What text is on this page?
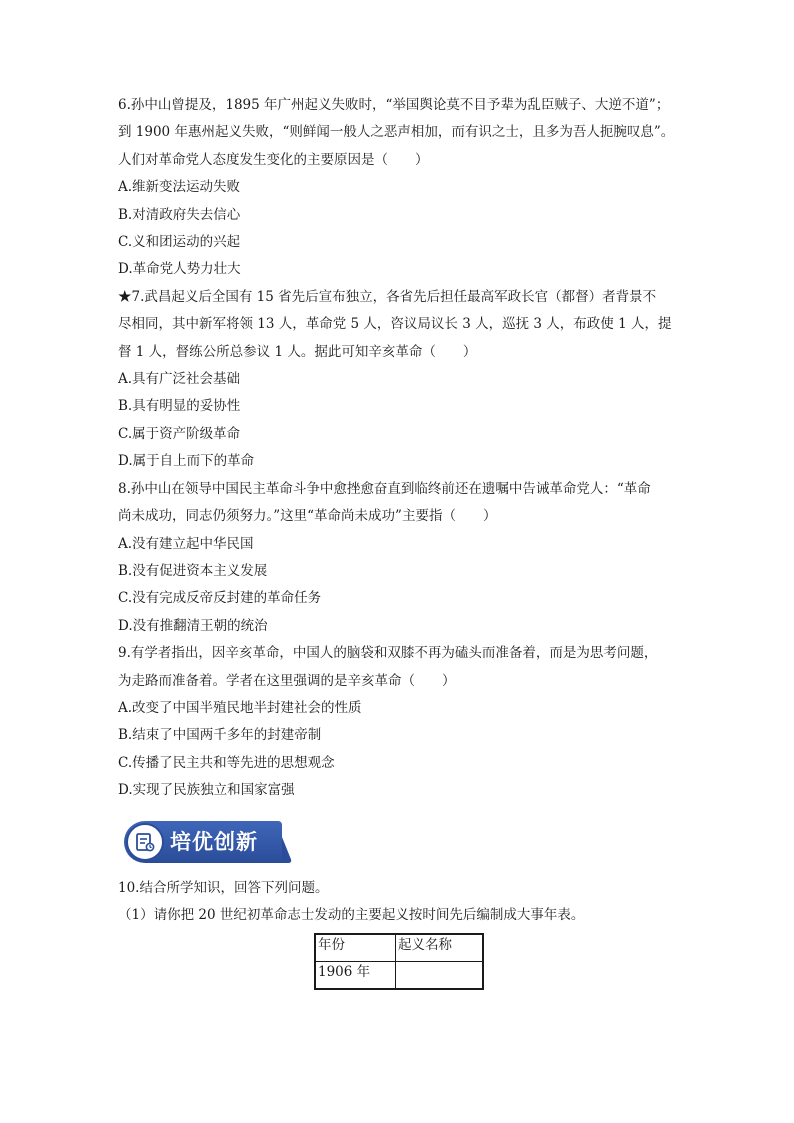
6.孙中山曾提及，1895 年广州起义失败时，“举国舆论莫不目予辈为乱臣贼子、大逆不道”；
到 1900 年惠州起义失败，“则鲜闻一般人之恶声相加，而有识之士，且多为吾人扼腕叹息”。
人们对革命党人态度发生变化的主要原因是（　　）
A.维新变法运动失败
B.对清政府失去信心
C.义和团运动的兴起
D.革命党人势力壮大
★7.武昌起义后全国有 15 省先后宣布独立，各省先后担任最高军政长官（都督）者背景不
尽相同，其中新军将领 13 人，革命党 5 人，咨议局议长 3 人，巡抚 3 人，布政使 1 人，提
督 1 人，督练公所总参议 1 人。据此可知辛亥革命（　　）
A.具有广泛社会基础
B.具有明显的妥协性
C.属于资产阶级革命
D.属于自上而下的革命
8.孙中山在领导中国民主革命斗争中愈挫愈奋直到临终前还在遗嘱中告诫革命党人：“革命
尚未成功，同志仍须努力。”这里“革命尚未成功”主要指（　　）
A.没有建立起中华民国
B.没有促进资本主义发展
C.没有完成反帝反封建的革命任务
D.没有推翻清王朝的统治
9.有学者指出，因辛亥革命，中国人的脑袋和双膝不再为磕头而准备着，而是为思考问题，
为走路而准备着。学者在这里强调的是辛亥革命（　　）
A.改变了中国半殖民地半封建社会的性质
B.结束了中国两千多年的封建帝制
C.传播了民主共和等先进的思想观念
D.实现了民族独立和国家富强
培优创新
10.结合所学知识，回答下列问题。
（1）请你把 20 世纪初革命志士发动的主要起义按时间先后编制成大事年表。
年份	起义名称
1906 年	
